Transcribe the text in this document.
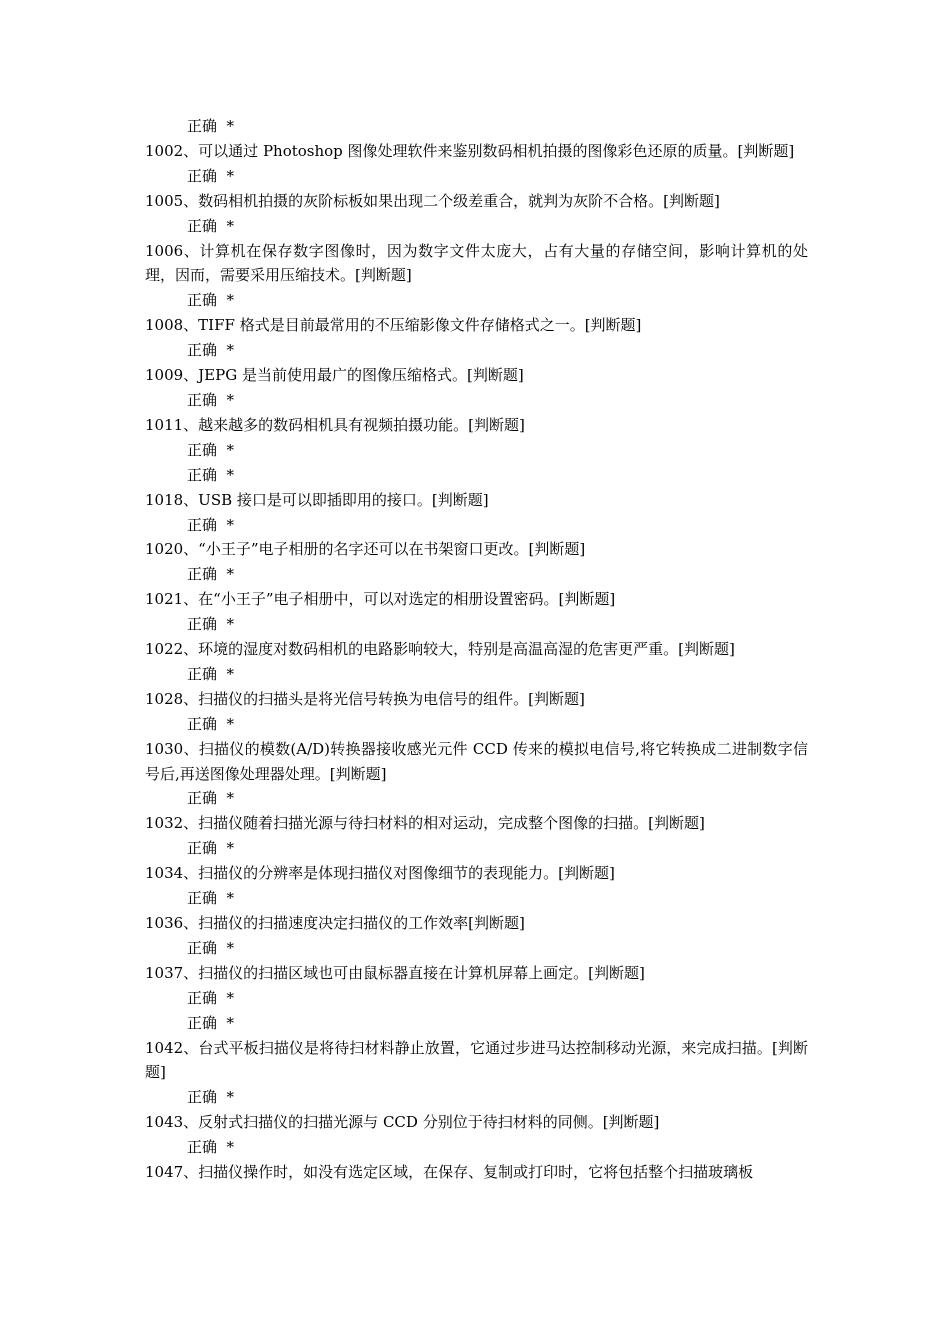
正确  *

1002、可以通过 Photoshop 图像处理软件来鉴别数码相机拍摄的图像彩色还原的质量。[判断题]

正确  *

1005、数码相机拍摄的灰阶标板如果出现二个级差重合，就判为灰阶不合格。[判断题]

正确  *

1006、计算机在保存数字图像时，因为数字文件太庞大，占有大量的存储空间，影响计算机的处理，因而，需要采用压缩技术。[判断题]

正确  *

1008、TIFF 格式是目前最常用的不压缩影像文件存储格式之一。[判断题]

正确  *

1009、JEPG 是当前使用最广的图像压缩格式。[判断题]

正确  *

1011、越来越多的数码相机具有视频拍摄功能。[判断题]

正确  *

正确  *

1018、USB 接口是可以即插即用的接口。[判断题]

正确  *

1020、“小王子”电子相册的名字还可以在书架窗口更改。[判断题]

正确  *

1021、在“小王子”电子相册中，可以对选定的相册设置密码。[判断题]

正确  *

1022、环境的湿度对数码相机的电路影响较大，特别是高温高湿的危害更严重。[判断题]

正确  *

1028、扫描仪的扫描头是将光信号转换为电信号的组件。[判断题]

正确  *

1030、扫描仪的模数(A/D)转换器接收感光元件 CCD 传来的模拟电信号,将它转换成二进制数字信号后,再送图像处理器处理。[判断题]

正确  *

1032、扫描仪随着扫描光源与待扫材料的相对运动，完成整个图像的扫描。[判断题]

正确  *

1034、扫描仪的分辨率是体现扫描仪对图像细节的表现能力。[判断题]

正确  *

1036、扫描仪的扫描速度决定扫描仪的工作效率[判断题]

正确  *

1037、扫描仪的扫描区域也可由鼠标器直接在计算机屏幕上画定。[判断题]

正确  *

正确  *

1042、台式平板扫描仪是将待扫材料静止放置，它通过步进马达控制移动光源，来完成扫描。[判断题]

正确  *

1043、反射式扫描仪的扫描光源与 CCD 分别位于待扫材料的同侧。[判断题]

正确  *

1047、扫描仪操作时，如没有选定区域，在保存、复制或打印时，它将包括整个扫描玻璃板
